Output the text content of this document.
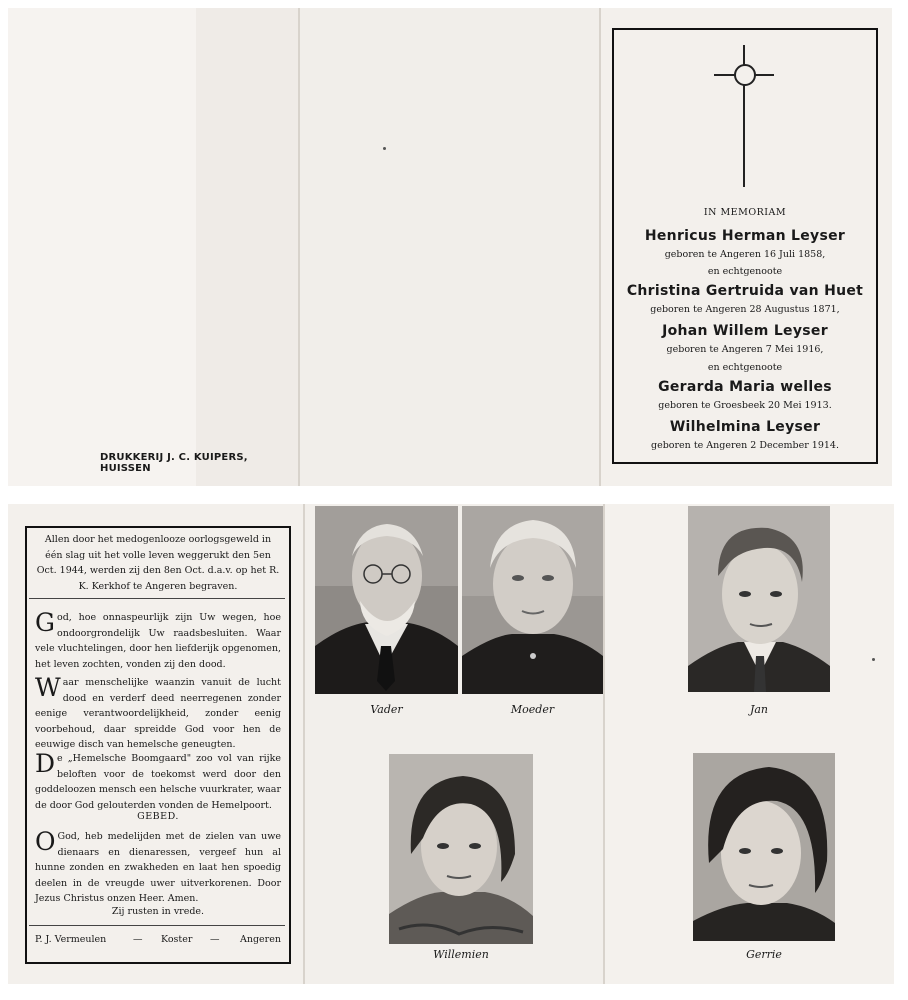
DRUKKERIJ J. C. KUIPERS, HUISSEN
IN MEMORIAM
Henricus Herman Leyser
geboren te Angeren 16 Juli 1858,
en echtgenoote
Christina Gertruida van Huet
geboren te Angeren 28 Augustus 1871,
Johan Willem Leyser
geboren te Angeren 7 Mei 1916,
en echtgenoote
Gerarda Maria welles
geboren te Groesbeek 20 Mei 1913.
Wilhelmina Leyser
geboren te Angeren 2 December 1914.
Allen door het medogenlooze oorlogsgeweld in één slag uit het volle leven weggerukt den 5en Oct. 1944, werden zij den 8en Oct. d.a.v. op het R. K. Kerkhof te Angeren begraven.
God, hoe onnaspeurlijk zijn Uw wegen, hoe ondoorgrondelijk Uw raadsbesluiten. Waar vele vluchtelingen, door hen liefderijk opgenomen, het leven zochten, vonden zij den dood.
Waar menschelijke waanzin vanuit de lucht dood en verderf deed neerregenen zonder eenige verantwoordelijkheid, zonder eenig voorbehoud, daar spreidde God voor hen de eeuwige disch van hemelsche geneugten.
De „Hemelsche Boomgaard" zoo vol van rijke beloften voor de toekomst werd door den goddeloozen mensch een helsche vuurkrater, waar de door God gelouterden vonden de Hemelpoort.
GEBED.
O God, heb medelijden met de zielen van uwe dienaars en dienaressen, vergeef hun al hunne zonden en zwakheden en laat hen spoedig deelen in de vreugde uwer uitverkorenen. Door Jezus Christus onzen Heer. Amen.
Zij rusten in vrede.
P. J. Vermeulen	— Koster — Angeren
Vader	Moeder	Jan
Willemien	Gerrie
